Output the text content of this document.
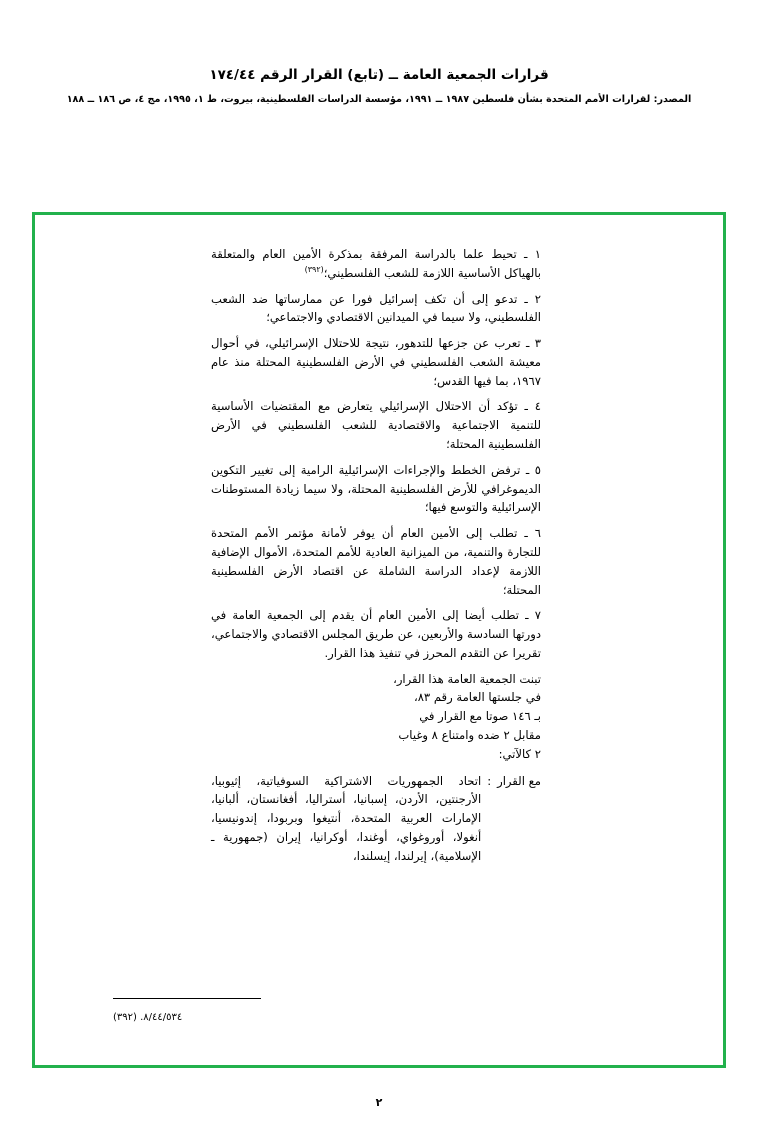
قرارات الجمعية العامة ــ (تابع) القرار الرقم ١٧٤/٤٤
المصدر: لقرارات الأمم المتحدة بشأن فلسطين ١٩٨٧ ــ ١٩٩١، مؤسسة الدراسات الفلسطينية، بيروت، ط ١، ١٩٩٥، مج ٤، ص ١٨٦ ــ ١٨٨

١ ـ تحيط علما بالدراسة المرفقة بمذكرة الأمين العام والمتعلقة بالهياكل الأساسية اللازمة للشعب الفلسطيني؛$^{(٣٩٢)}$

٢ ـ تدعو إلى أن تكف إسرائيل فورا عن ممارساتها ضد الشعب الفلسطيني، ولا سيما في الميدانين الاقتصادي والاجتماعي؛

٣ ـ تعرب عن جزعها للتدهور، نتيجة للاحتلال الإسرائيلي، في أحوال معيشة الشعب الفلسطيني في الأرض الفلسطينية المحتلة منذ عام ١٩٦٧، بما فيها القدس؛

٤ ـ تؤكد أن الاحتلال الإسرائيلي يتعارض مع المقتضيات الأساسية للتنمية الاجتماعية والاقتصادية للشعب الفلسطيني في الأرض الفلسطينية المحتلة؛

٥ ـ ترفض الخطط والإجراءات الإسرائيلية الرامية إلى تغيير التكوين الديموغرافي للأرض الفلسطينية المحتلة، ولا سيما زيادة المستوطنات الإسرائيلية والتوسع فيها؛

٦ ـ تطلب إلى الأمين العام أن يوفر لأمانة مؤتمر الأمم المتحدة للتجارة والتنمية، من الميزانية العادية للأمم المتحدة، الأموال الإضافية اللازمة لإعداد الدراسة الشاملة عن اقتصاد الأرض الفلسطينية المحتلة؛

٧ ـ تطلب أيضا إلى الأمين العام أن يقدم إلى الجمعية العامة في دورتها السادسة والأربعين، عن طريق المجلس الاقتصادي والاجتماعي، تقريرا عن التقدم المحرز في تنفيذ هذا القرار.

تبنت الجمعية العامة هذا القرار،

في جلستها العامة رقم ٨٣،

بـ ١٤٦ صوتا مع القرار في

مقابل ٢ ضده وامتناع ٨ وغياب

٢ كالآتي:

مع القرار
:
اتحاد الجمهوريات الاشتراكية السوفياتية، إثيوبيا، الأرجنتين، الأردن، إسبانيا، أستراليا، أفغانستان، ألبانيا، الإمارات العربية المتحدة، أنتيغوا وبربودا، إندونيسيا، أنغولا، أوروغواي، أوغندا، أوكرانيا، إيران (جمهورية ـ الإسلامية)، إيرلندا، إيسلندا،
٨/٤٤/٥٣٤. (٣٩٢)
٢
